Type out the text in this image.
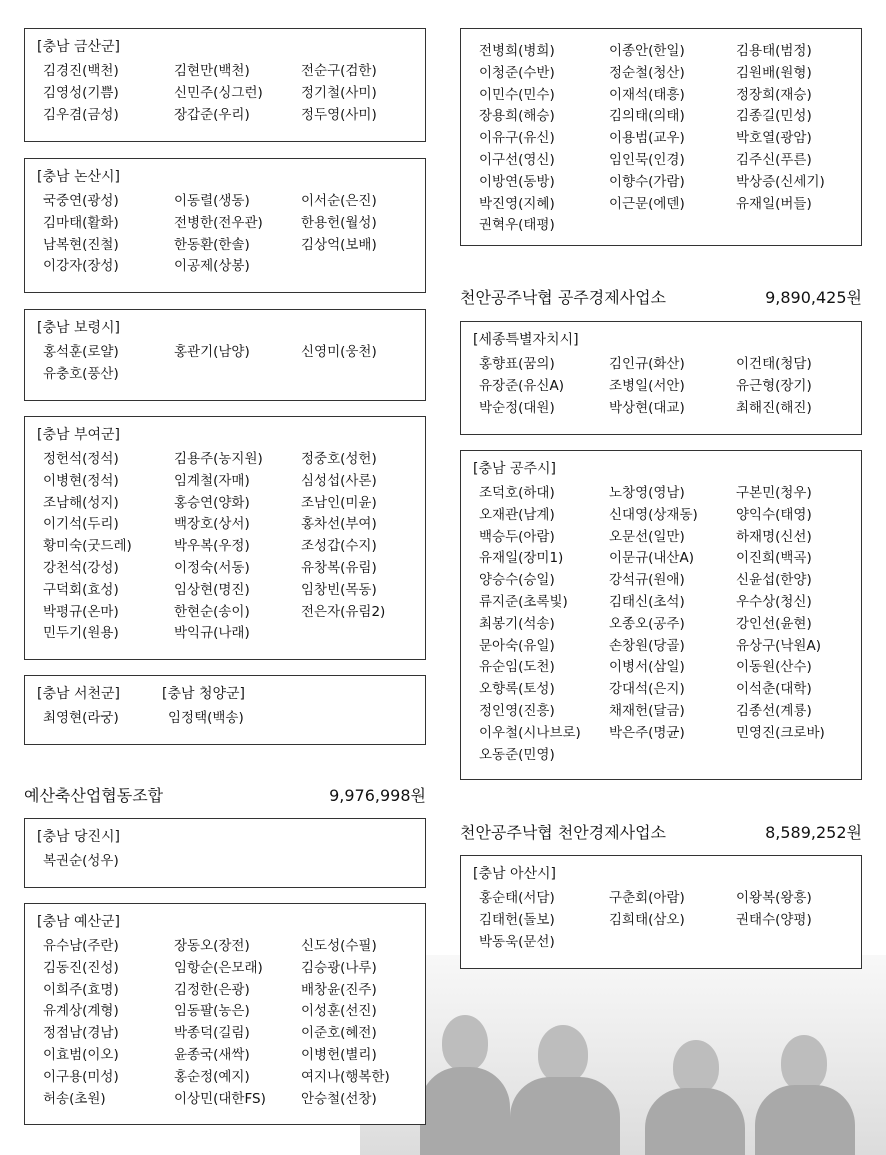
[충남 금산군]
김경진(백천)	김현만(백천)	전순구(검한)
김영성(기쁨)	신민주(싱그런)	정기철(사미)
김우겸(금성)	장갑준(우리)	정두영(사미)
[충남 논산시]
국중연(광성)	이동렬(생동)	이서순(은진)
김마태(활화)	전병한(전우관)	한용헌(월성)
남복현(진철)	한동환(한솔)	김상억(보배)
이강자(장성)	이공제(상봉)
[충남 보령시]
홍석훈(로얄)	홍관기(남양)	신영미(웅천)
유충호(풍산)
[충남 부여군]
정헌석(정석)	김용주(농지원)	정중호(성헌)
이병현(정석)	임계철(자매)	심성섭(사론)
조남해(성지)	홍승연(양화)	조남인(미윤)
이기석(두리)	백장호(상서)	홍차선(부여)
황미숙(굿드레)	박우복(우정)	조성갑(수지)
강천석(강성)	이정숙(서동)	유창복(유림)
구덕회(효성)	임상현(명진)	임창빈(목동)
박평규(온마)	한현순(송이)	전은자(유림2)
민두기(원용)	박익규(나래)
[충남 서천군]
최영현(라궁)
[충남 청양군]
임정택(백송)
예산축산업협동조합	9,976,998원
[충남 당진시]
복권순(성우)
[충남 예산군]
유수남(주란)	장동오(장전)	신도성(수필)
김동진(진성)	임항순(은모래)	김승광(나루)
이희주(효명)	김정한(은광)	배창윤(진주)
유계상(계형)	임동팔(농은)	이성훈(선진)
정점남(경남)	박종덕(길림)	이준호(혜전)
이효범(이오)	윤종국(새싹)	이병헌(별리)
이구용(미성)	홍순정(예지)	여지나(행복한)
허송(초원)	이상민(대한FS)	안승철(선창)
전병희(병희)	이종안(한일)	김용태(범정)
이청준(수반)	정순철(청산)	김원배(원형)
이민수(민수)	이재석(태흥)	정장희(재승)
장용희(해승)	김의태(의태)	김종길(민성)
이유구(유신)	이용범(교우)	박호열(광암)
이구선(영신)	임인묵(인경)	김주신(푸른)
이방연(동방)	이향수(가람)	박상증(신세기)
박진영(지혜)	이근문(에덴)	유재일(버들)
권혁우(태평)
천안공주낙협 공주경제사업소	9,890,425원
[세종특별자치시]
홍향표(꿈의)	김인규(화산)	이건태(청담)
유장준(유신A)	조병일(서안)	유근형(장기)
박순정(대원)	박상현(대교)	최해진(해진)
[충남 공주시]
조덕호(하대)	노창영(영남)	구본민(청우)
오재관(남계)	신대영(상재동)	양익수(태영)
백승두(아람)	오문선(일만)	하재명(신선)
유재일(장미1)	이문규(내산A)	이진희(백곡)
양승수(승일)	강석규(원애)	신윤섭(한양)
류지준(초록빛)	김태신(초석)	우수상(청신)
최봉기(석송)	오종오(공주)	강인선(윤현)
문아숙(유일)	손창원(당골)	유상구(낙원A)
유순임(도천)	이병서(삼일)	이동원(산수)
오향록(토성)	강대석(은지)	이석춘(대학)
정인영(진흥)	채재헌(달금)	김종선(계룡)
이우철(시나브로)	박은주(명균)	민영진(크로바)
오동준(민영)
천안공주낙협 천안경제사업소	8,589,252원
[충남 아산시]
홍순태(서담)	구춘회(아람)	이왕복(왕흥)
김태헌(돌보)	김희태(삼오)	권태수(양평)
박동욱(문선)
